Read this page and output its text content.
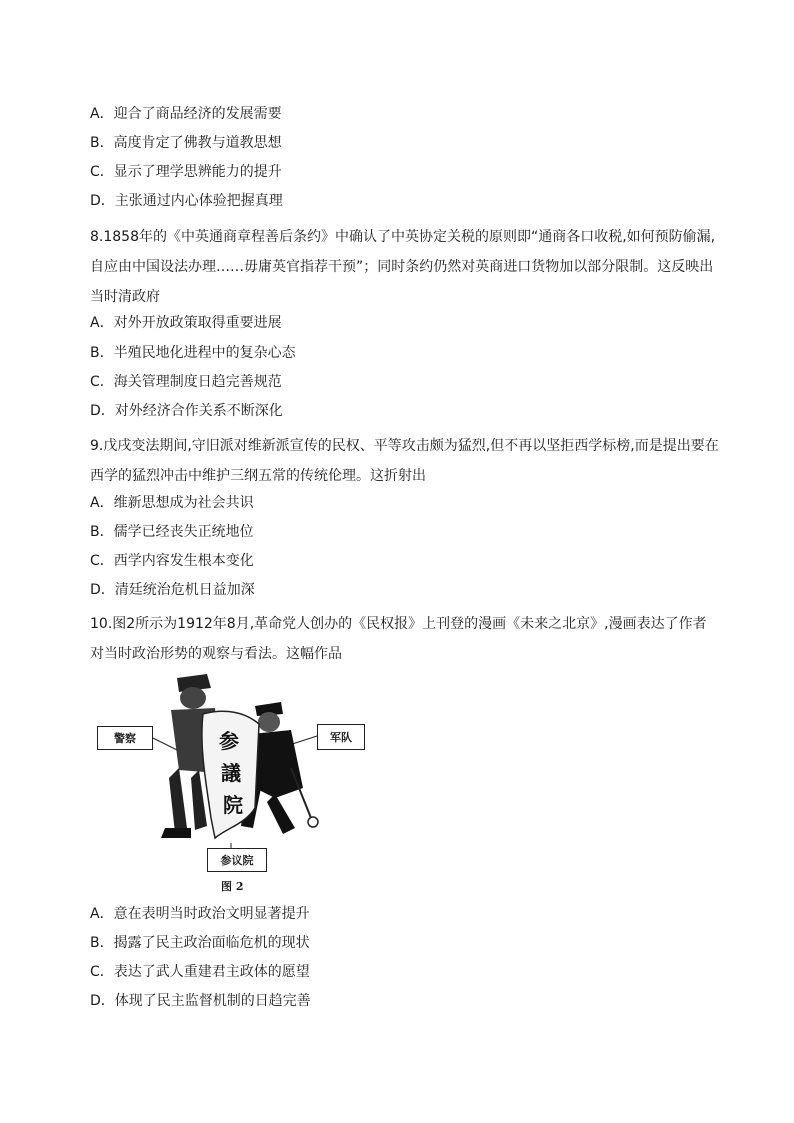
A．迎合了商品经济的发展需要
B．高度肯定了佛教与道教思想
C．显示了理学思辨能力的提升
D．主张通过内心体验把握真理
8.1858年的《中英通商章程善后条约》中确认了中英协定关税的原则即“通商各口收税,如何预防偷漏,自应由中国设法办理……毋庸英官指荐干预”；同时条约仍然对英商进口货物加以部分限制。这反映出当时清政府
A．对外开放政策取得重要进展
B．半殖民地化进程中的复杂心态
C．海关管理制度日趋完善规范
D．对外经济合作关系不断深化
9.戊戌变法期间,守旧派对维新派宣传的民权、平等攻击颇为猛烈,但不再以坚拒西学标榜,而是提出要在西学的猛烈冲击中维护三纲五常的传统伦理。这折射出
A．维新思想成为社会共识
B．儒学已经丧失正统地位
C．西学内容发生根本变化
D．清廷统治危机日益加深
10.图2所示为1912年8月,革命党人创办的《民权报》上刊登的漫画《未来之北京》,漫画表达了作者对当时政治形势的观察与看法。这幅作品
参
議
院
警察	军队
参议院
图 2
A．意在表明当时政治文明显著提升
B．揭露了民主政治面临危机的现状
C．表达了武人重建君主政体的愿望
D．体现了民主监督机制的日趋完善
